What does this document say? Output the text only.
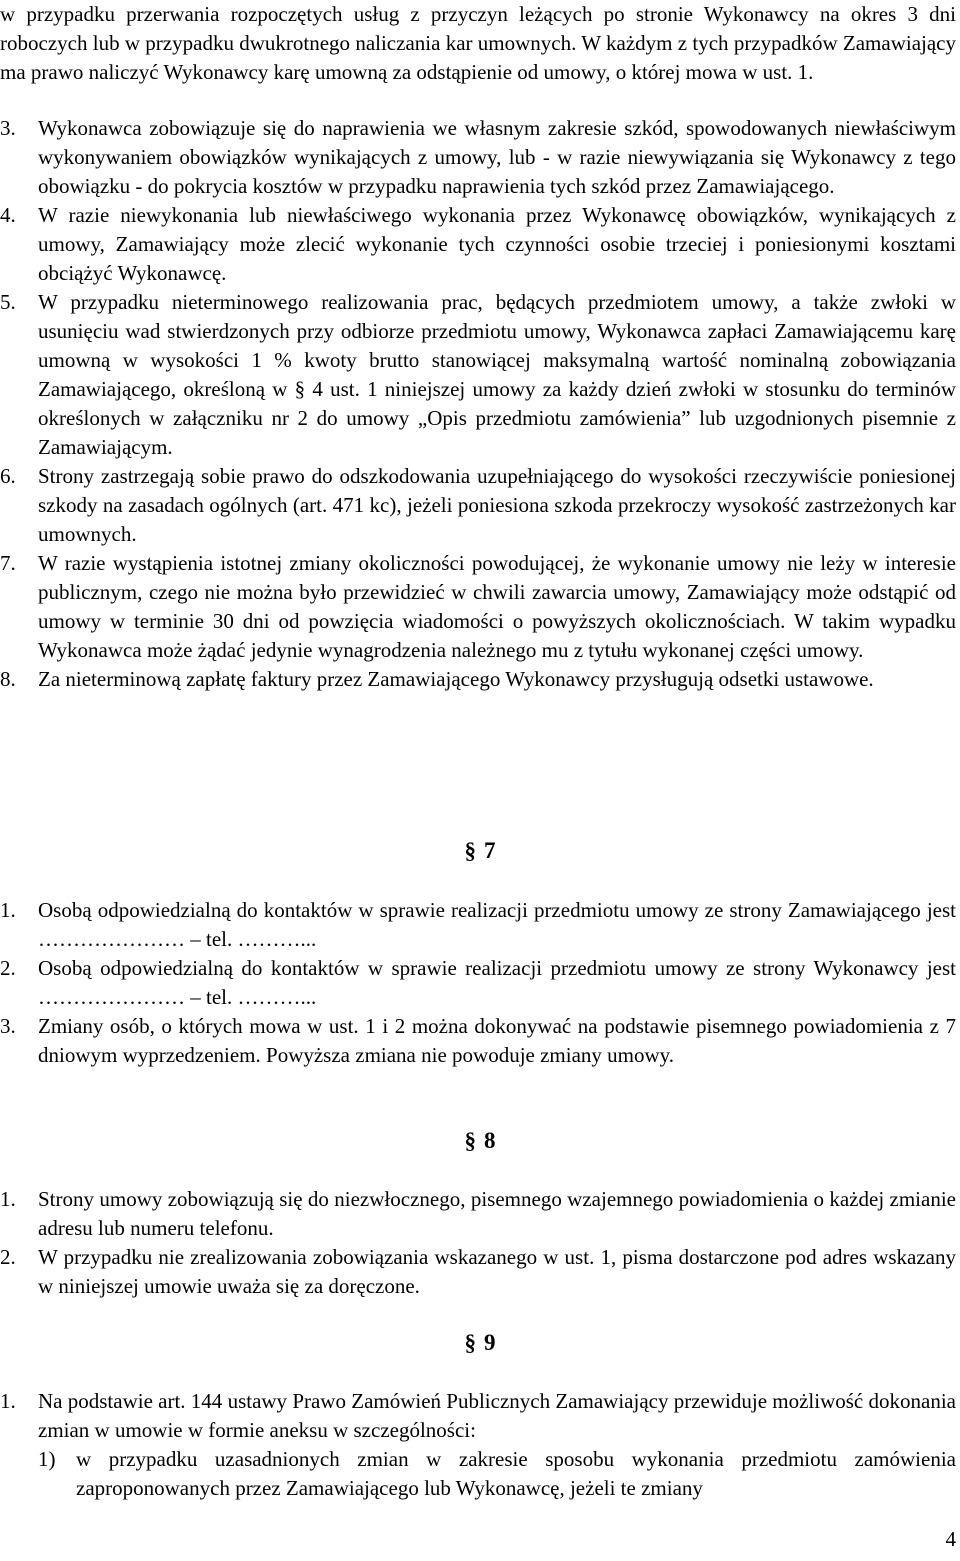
w przypadku przerwania rozpoczętych usług z przyczyn leżących po stronie Wykonawcy na okres 3 dni roboczych lub w przypadku dwukrotnego naliczania kar umownych. W każdym z tych przypadków Zamawiający ma prawo naliczyć Wykonawcy karę umowną za odstąpienie od umowy, o której mowa w ust. 1.
3. Wykonawca zobowiązuje się do naprawienia we własnym zakresie szkód, spowodowanych niewłaściwym wykonywaniem obowiązków wynikających z umowy, lub - w razie niewywiązania się Wykonawcy z tego obowiązku - do pokrycia kosztów w przypadku naprawienia tych szkód przez Zamawiającego.
4. W razie niewykonania lub niewłaściwego wykonania przez Wykonawcę obowiązków, wynikających z umowy, Zamawiający może zlecić wykonanie tych czynności osobie trzeciej i poniesionymi kosztami obciążyć Wykonawcę.
5. W przypadku nieterminowego realizowania prac, będących przedmiotem umowy, a także zwłoki w usunięciu wad stwierdzonych przy odbiorze przedmiotu umowy, Wykonawca zapłaci Zamawiającemu karę umowną w wysokości 1 % kwoty brutto stanowiącej maksymalną wartość nominalną zobowiązania Zamawiającego, określoną w § 4 ust. 1 niniejszej umowy za każdy dzień zwłoki w stosunku do terminów określonych w załączniku nr 2 do umowy „Opis przedmiotu zamówienia” lub uzgodnionych pisemnie z Zamawiającym.
6. Strony zastrzegają sobie prawo do odszkodowania uzupełniającego do wysokości rzeczywiście poniesionej szkody na zasadach ogólnych (art. 471 kc), jeżeli poniesiona szkoda przekroczy wysokość zastrzeżonych kar umownych.
7. W razie wystąpienia istotnej zmiany okoliczności powodującej, że wykonanie umowy nie leży w interesie publicznym, czego nie można było przewidzieć w chwili zawarcia umowy, Zamawiający może odstąpić od umowy w terminie 30 dni od powzięcia wiadomości o powyższych okolicznościach. W takim wypadku Wykonawca może żądać jedynie wynagrodzenia należnego mu z tytułu wykonanej części umowy.
8. Za nieterminową zapłatę faktury przez Zamawiającego Wykonawcy przysługują odsetki ustawowe.
§ 7
1. Osobą odpowiedzialną do kontaktów w sprawie realizacji przedmiotu umowy ze strony Zamawiającego jest ………………… – tel. ………...
2. Osobą odpowiedzialną do kontaktów w sprawie realizacji przedmiotu umowy ze strony Wykonawcy jest ………………… – tel. ………...
3. Zmiany osób, o których mowa w ust. 1 i 2 można dokonywać na podstawie pisemnego powiadomienia z 7 dniowym wyprzedzeniem. Powyższa zmiana nie powoduje zmiany umowy.
§ 8
1. Strony umowy zobowiązują się do niezwłocznego, pisemnego wzajemnego powiadomienia o każdej zmianie adresu lub numeru telefonu.
2. W przypadku nie zrealizowania zobowiązania wskazanego w ust. 1, pisma dostarczone pod adres wskazany w niniejszej umowie uważa się za doręczone.
§ 9
1. Na podstawie art. 144 ustawy Prawo Zamówień Publicznych Zamawiający przewiduje możliwość dokonania zmian w umowie w formie aneksu w szczególności:
1) w przypadku uzasadnionych zmian w zakresie sposobu wykonania przedmiotu zamówienia zaproponowanych przez Zamawiającego lub Wykonawcę, jeżeli te zmiany
4
